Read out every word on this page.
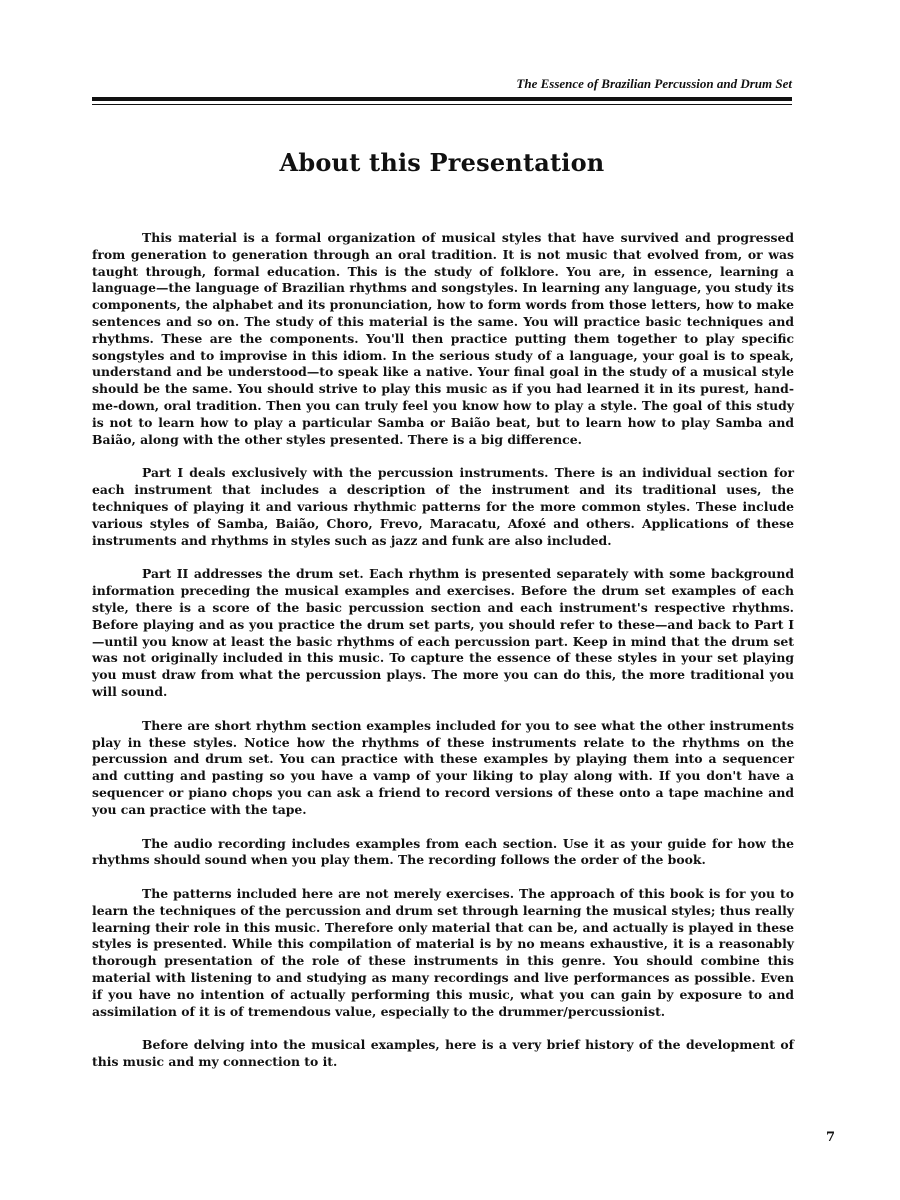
The Essence of Brazilian Percussion and Drum Set
About this Presentation

This material is a formal organization of musical styles that have survived and progressed from generation to generation through an oral tradition. It is not music that evolved from, or was taught through, formal education. This is the study of folklore. You are, in essence, learning a language—the language of Brazilian rhythms and songstyles. In learning any language, you study its components, the alphabet and its pronunciation, how to form words from those letters, how to make sentences and so on. The study of this material is the same. You will practice basic techniques and rhythms. These are the components. You'll then practice putting them together to play specific songstyles and to improvise in this idiom. In the serious study of a language, your goal is to speak, understand and be understood—to speak like a native. Your final goal in the study of a musical style should be the same. You should strive to play this music as if you had learned it in its purest, hand-me-down, oral tradition. Then you can truly feel you know how to play a style. The goal of this study is not to learn how to play a particular Samba or Baião beat, but to learn how to play Samba and Baião, along with the other styles presented. There is a big difference.

Part I deals exclusively with the percussion instruments. There is an individual section for each instrument that includes a description of the instrument and its traditional uses, the techniques of playing it and various rhythmic patterns for the more common styles. These include various styles of Samba, Baião, Choro, Frevo, Maracatu, Afoxé and others. Applications of these instruments and rhythms in styles such as jazz and funk are also included.

Part II addresses the drum set. Each rhythm is presented separately with some background information preceding the musical examples and exercises. Before the drum set examples of each style, there is a score of the basic percussion section and each instrument's respective rhythms. Before playing and as you practice the drum set parts, you should refer to these—and back to Part I—until you know at least the basic rhythms of each percussion part. Keep in mind that the drum set was not originally included in this music. To capture the essence of these styles in your set playing you must draw from what the percussion plays. The more you can do this, the more traditional you will sound.

There are short rhythm section examples included for you to see what the other instruments play in these styles. Notice how the rhythms of these instruments relate to the rhythms on the percussion and drum set. You can practice with these examples by playing them into a sequencer and cutting and pasting so you have a vamp of your liking to play along with. If you don't have a sequencer or piano chops you can ask a friend to record versions of these onto a tape machine and you can practice with the tape.

The audio recording includes examples from each section. Use it as your guide for how the rhythms should sound when you play them. The recording follows the order of the book.

The patterns included here are not merely exercises. The approach of this book is for you to learn the techniques of the percussion and drum set through learning the musical styles; thus really learning their role in this music. Therefore only material that can be, and actually is played in these styles is presented. While this compilation of material is by no means exhaustive, it is a reasonably thorough presentation of the role of these instruments in this genre. You should combine this material with listening to and studying as many recordings and live performances as possible. Even if you have no intention of actually performing this music, what you can gain by exposure to and assimilation of it is of tremendous value, especially to the drummer/percussionist.

Before delving into the musical examples, here is a very brief history of the development of this music and my connection to it.

7
